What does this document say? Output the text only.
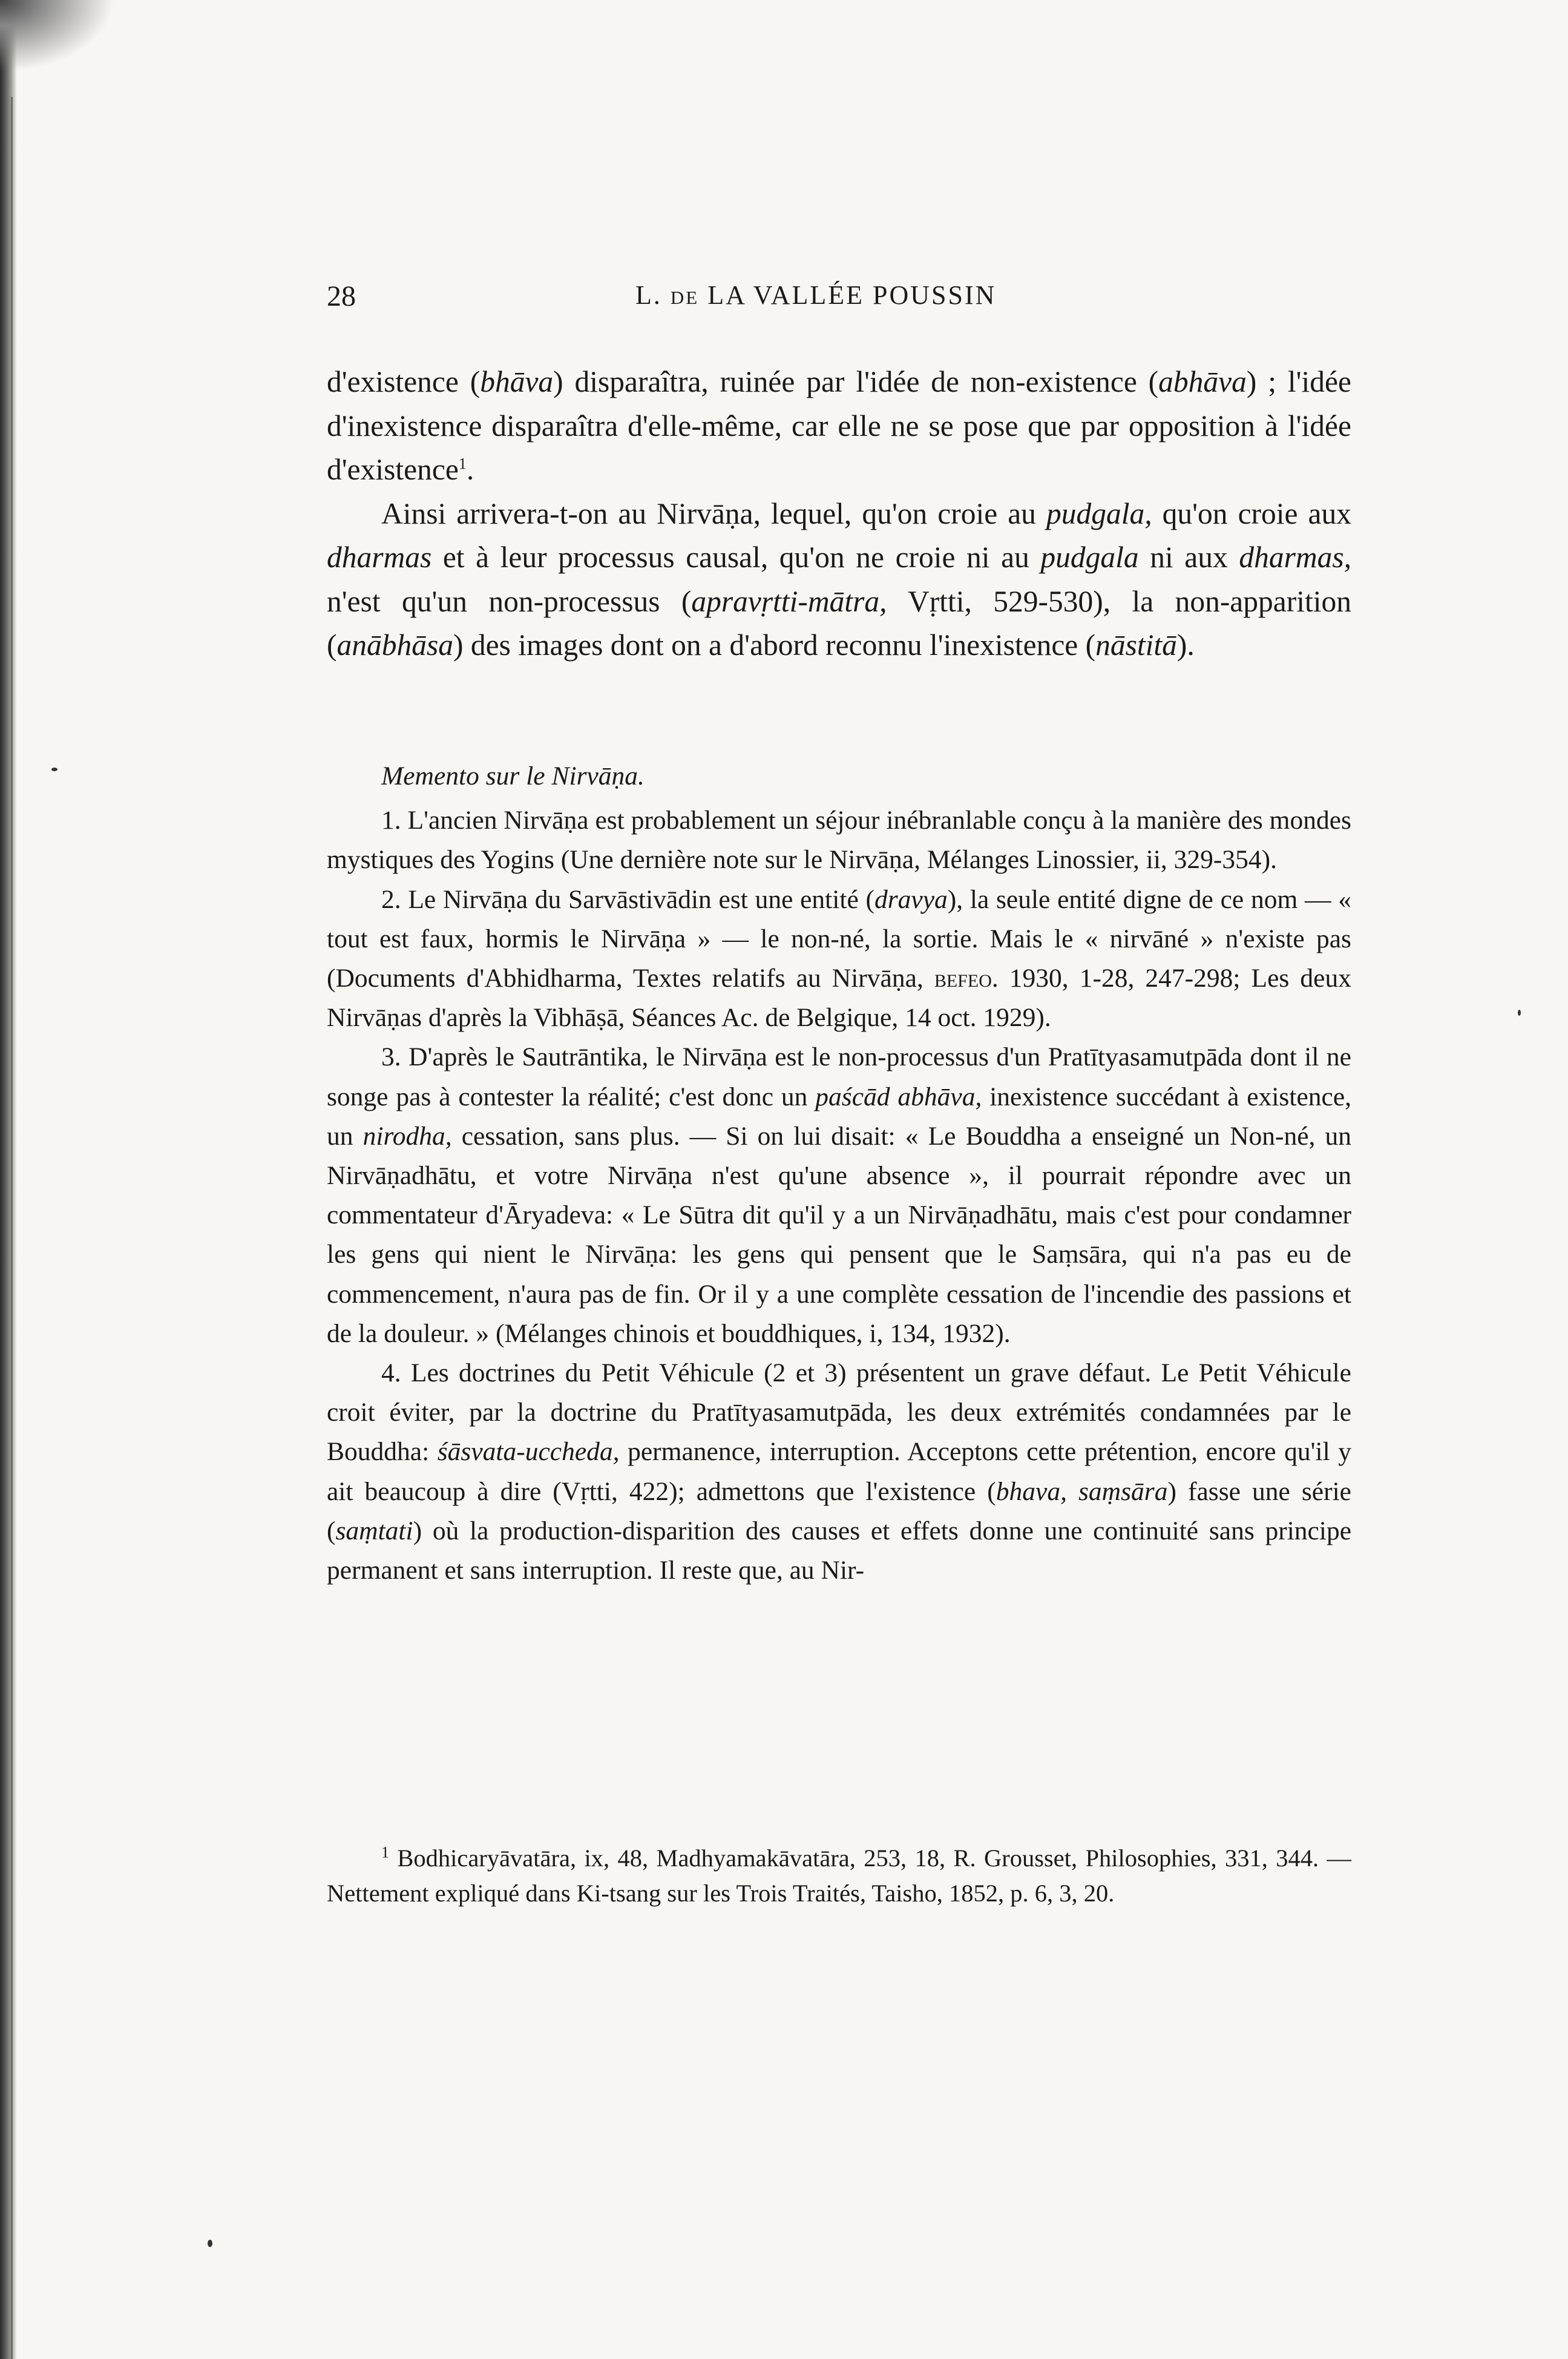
28	L. de LA VALLÉE POUSSIN

d'existence (bhāva) disparaîtra, ruinée par l'idée de non-existence (abhāva) ; l'idée d'inexistence disparaîtra d'elle-même, car elle ne se pose que par opposition à l'idée d'existence$^1$.

Ainsi arrivera-t-on au Nirvāṇa, lequel, qu'on croie au pudgala, qu'on croie aux dharmas et à leur processus causal, qu'on ne croie ni au pudgala ni aux dharmas, n'est qu'un non-processus (apravṛtti-mātra, Vṛtti, 529-530), la non-apparition (anābhāsa) des images dont on a d'abord reconnu l'inexistence (nāstitā).

Memento sur le Nirvāṇa.

1. L'ancien Nirvāṇa est probablement un séjour inébranlable conçu à la manière des mondes mystiques des Yogins (Une dernière note sur le Nirvāṇa, Mélanges Linossier, ii, 329-354).

2. Le Nirvāṇa du Sarvāstivādin est une entité (dravya), la seule entité digne de ce nom — « tout est faux, hormis le Nirvāṇa » — le non-né, la sortie. Mais le « nirvāné » n'existe pas (Documents d'Abhidharma, Textes relatifs au Nirvāṇa, befeo. 1930, 1-28, 247-298; Les deux Nirvāṇas d'après la Vibhāṣā, Séances Ac. de Belgique, 14 oct. 1929).

3. D'après le Sautrāntika, le Nirvāṇa est le non-processus d'un Pratītyasamutpāda dont il ne songe pas à contester la réalité; c'est donc un paścād abhāva, inexistence succédant à existence, un nirodha, cessation, sans plus. — Si on lui disait: « Le Bouddha a enseigné un Non-né, un Nirvāṇadhātu, et votre Nirvāṇa n'est qu'une absence », il pourrait répondre avec un commentateur d'Āryadeva: « Le Sūtra dit qu'il y a un Nirvāṇadhātu, mais c'est pour condamner les gens qui nient le Nirvāṇa: les gens qui pensent que le Saṃsāra, qui n'a pas eu de commencement, n'aura pas de fin. Or il y a une complète cessation de l'incendie des passions et de la douleur. » (Mélanges chinois et bouddhiques, i, 134, 1932).

4. Les doctrines du Petit Véhicule (2 et 3) présentent un grave défaut. Le Petit Véhicule croit éviter, par la doctrine du Pratītyasamutpāda, les deux extrémités condamnées par le Bouddha: śāsvata-uccheda, permanence, interruption. Acceptons cette prétention, encore qu'il y ait beaucoup à dire (Vṛtti, 422); admettons que l'existence (bhava, saṃsāra) fasse une série (saṃtati) où la production-disparition des causes et effets donne une continuité sans principe permanent et sans interruption. Il reste que, au Nir-

$^1$ Bodhicaryāvatāra, ix, 48, Madhyamakāvatāra, 253, 18, R. Grousset, Philosophies, 331, 344. — Nettement expliqué dans Ki-tsang sur les Trois Traités, Taisho, 1852, p. 6, 3, 20.
